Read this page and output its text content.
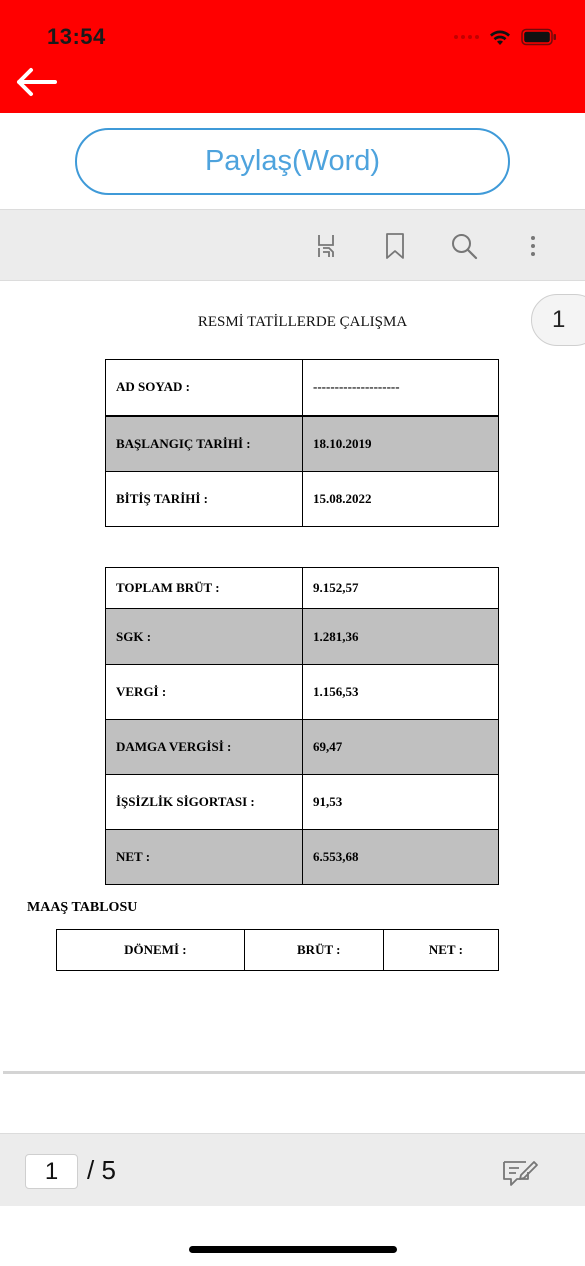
13:54
Paylaş(Word)
RESMİ TATİLLERDE ÇALIŞMA	1
AD SOYAD :	--------------------
BAŞLANGIÇ TARİHİ :	18.10.2019
BİTİŞ TARİHİ :	15.08.2022
TOPLAM BRÜT :	9.152,57
SGK :	1.281,36
VERGİ :	1.156,53
DAMGA VERGİSİ :	69,47
İŞSİZLİK SİGORTASI :	91,53
NET :	6.553,68
MAAŞ TABLOSU
DÖNEMİ :	BRÜT :	NET :
1	/ 5
